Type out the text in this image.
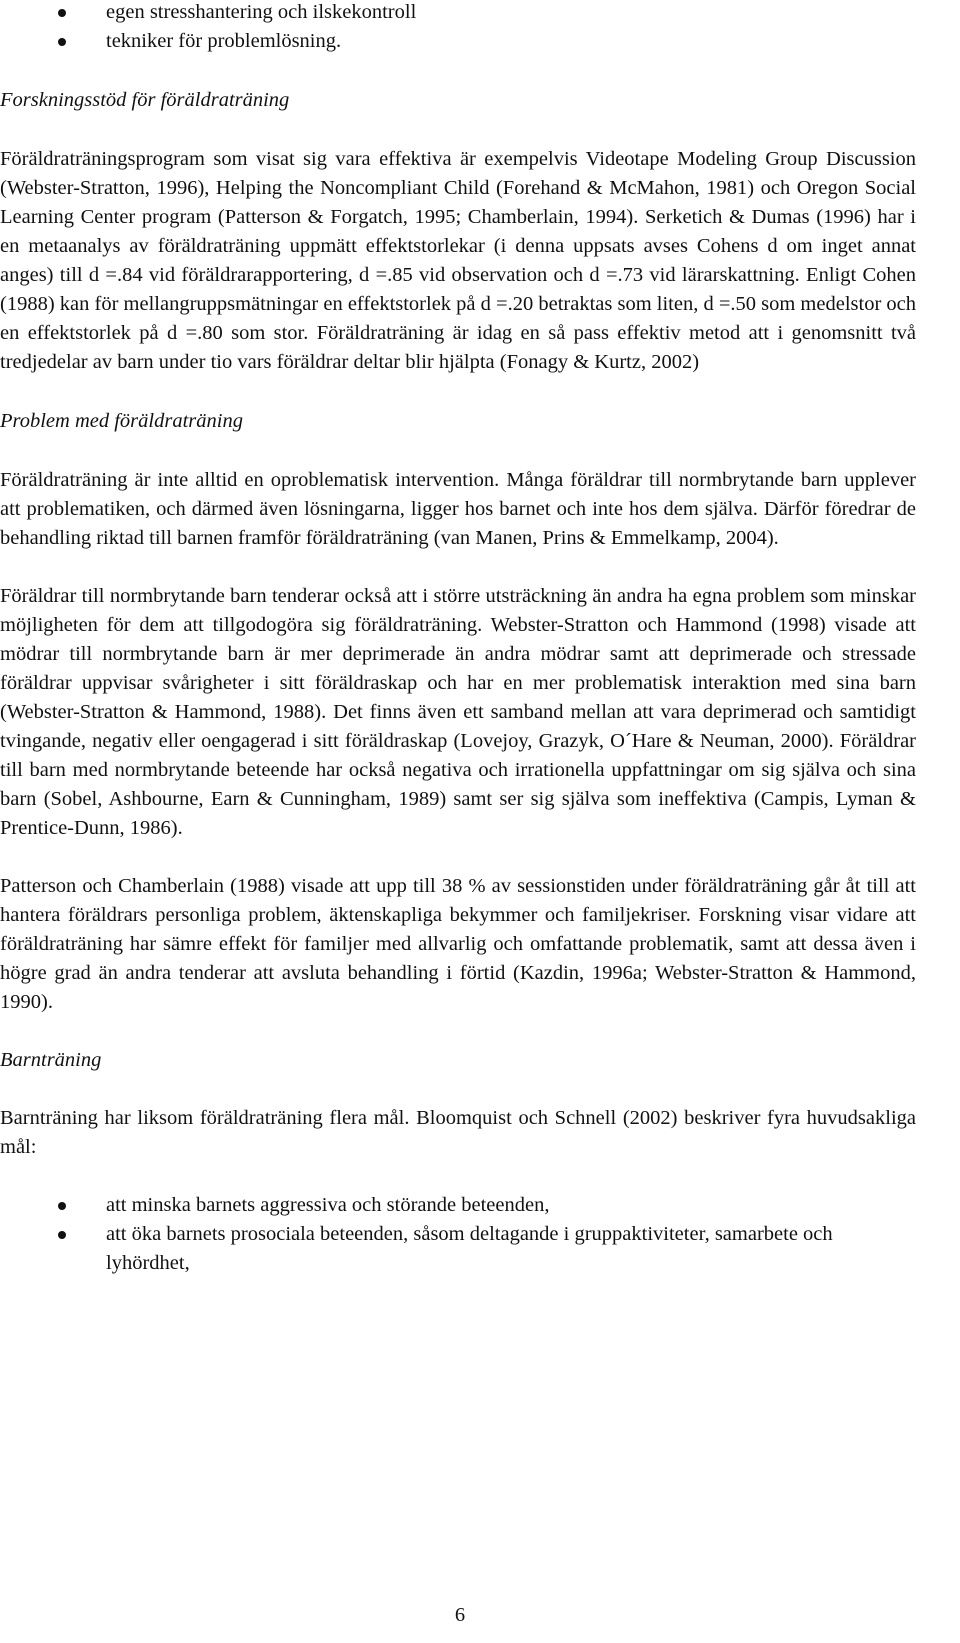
egen stresshantering och ilskekontroll
tekniker för problemlösning.

Forskningsstöd för föräldraträning

Föräldraträningsprogram som visat sig vara effektiva är exempelvis Videotape Modeling Group Discussion (Webster-Stratton, 1996), Helping the Noncompliant Child (Forehand & McMahon, 1981) och Oregon Social Learning Center program (Patterson & Forgatch, 1995; Chamberlain, 1994). Serketich & Dumas (1996) har i en metaanalys av föräldraträning uppmätt effektstorlekar (i denna uppsats avses Cohens d om inget annat anges) till d =.84 vid föräldrarapportering, d =.85 vid observation och d =.73 vid lärarskattning. Enligt Cohen (1988) kan för mellangruppsmätningar en effektstorlek på d =.20 betraktas som liten, d =.50 som medelstor och en effektstorlek på d =.80 som stor. Föräldraträning är idag en så pass effektiv metod att i genomsnitt två tredjedelar av barn under tio vars föräldrar deltar blir hjälpta (Fonagy & Kurtz, 2002)

Problem med föräldraträning

Föräldraträning är inte alltid en oproblematisk intervention. Många föräldrar till normbrytande barn upplever att problematiken, och därmed även lösningarna, ligger hos barnet och inte hos dem själva. Därför föredrar de behandling riktad till barnen framför föräldraträning (van Manen, Prins & Emmelkamp, 2004).

Föräldrar till normbrytande barn tenderar också att i större utsträckning än andra ha egna problem som minskar möjligheten för dem att tillgodogöra sig föräldraträning. Webster-Stratton och Hammond (1998) visade att mödrar till normbrytande barn är mer deprimerade än andra mödrar samt att deprimerade och stressade föräldrar uppvisar svårigheter i sitt föräldraskap och har en mer problematisk interaktion med sina barn (Webster-Stratton & Hammond, 1988). Det finns även ett samband mellan att vara deprimerad och samtidigt tvingande, negativ eller oengagerad i sitt föräldraskap (Lovejoy, Grazyk, O´Hare & Neuman, 2000). Föräldrar till barn med normbrytande beteende har också negativa och irrationella uppfattningar om sig själva och sina barn (Sobel, Ashbourne, Earn & Cunningham, 1989) samt ser sig själva som ineffektiva (Campis, Lyman & Prentice-Dunn, 1986).

Patterson och Chamberlain (1988) visade att upp till 38 % av sessionstiden under föräldraträning går åt till att hantera föräldrars personliga problem, äktenskapliga bekymmer och familjekriser. Forskning visar vidare att föräldraträning har sämre effekt för familjer med allvarlig och omfattande problematik, samt att dessa även i högre grad än andra tenderar att avsluta behandling i förtid (Kazdin, 1996a; Webster-Stratton & Hammond, 1990).

Barnträning

Barnträning har liksom föräldraträning flera mål. Bloomquist och Schnell (2002) beskriver fyra huvudsakliga mål:

att minska barnets aggressiva och störande beteenden,
att öka barnets prosociala beteenden, såsom deltagande i gruppaktiviteter, samarbete och lyhördhet,
6
